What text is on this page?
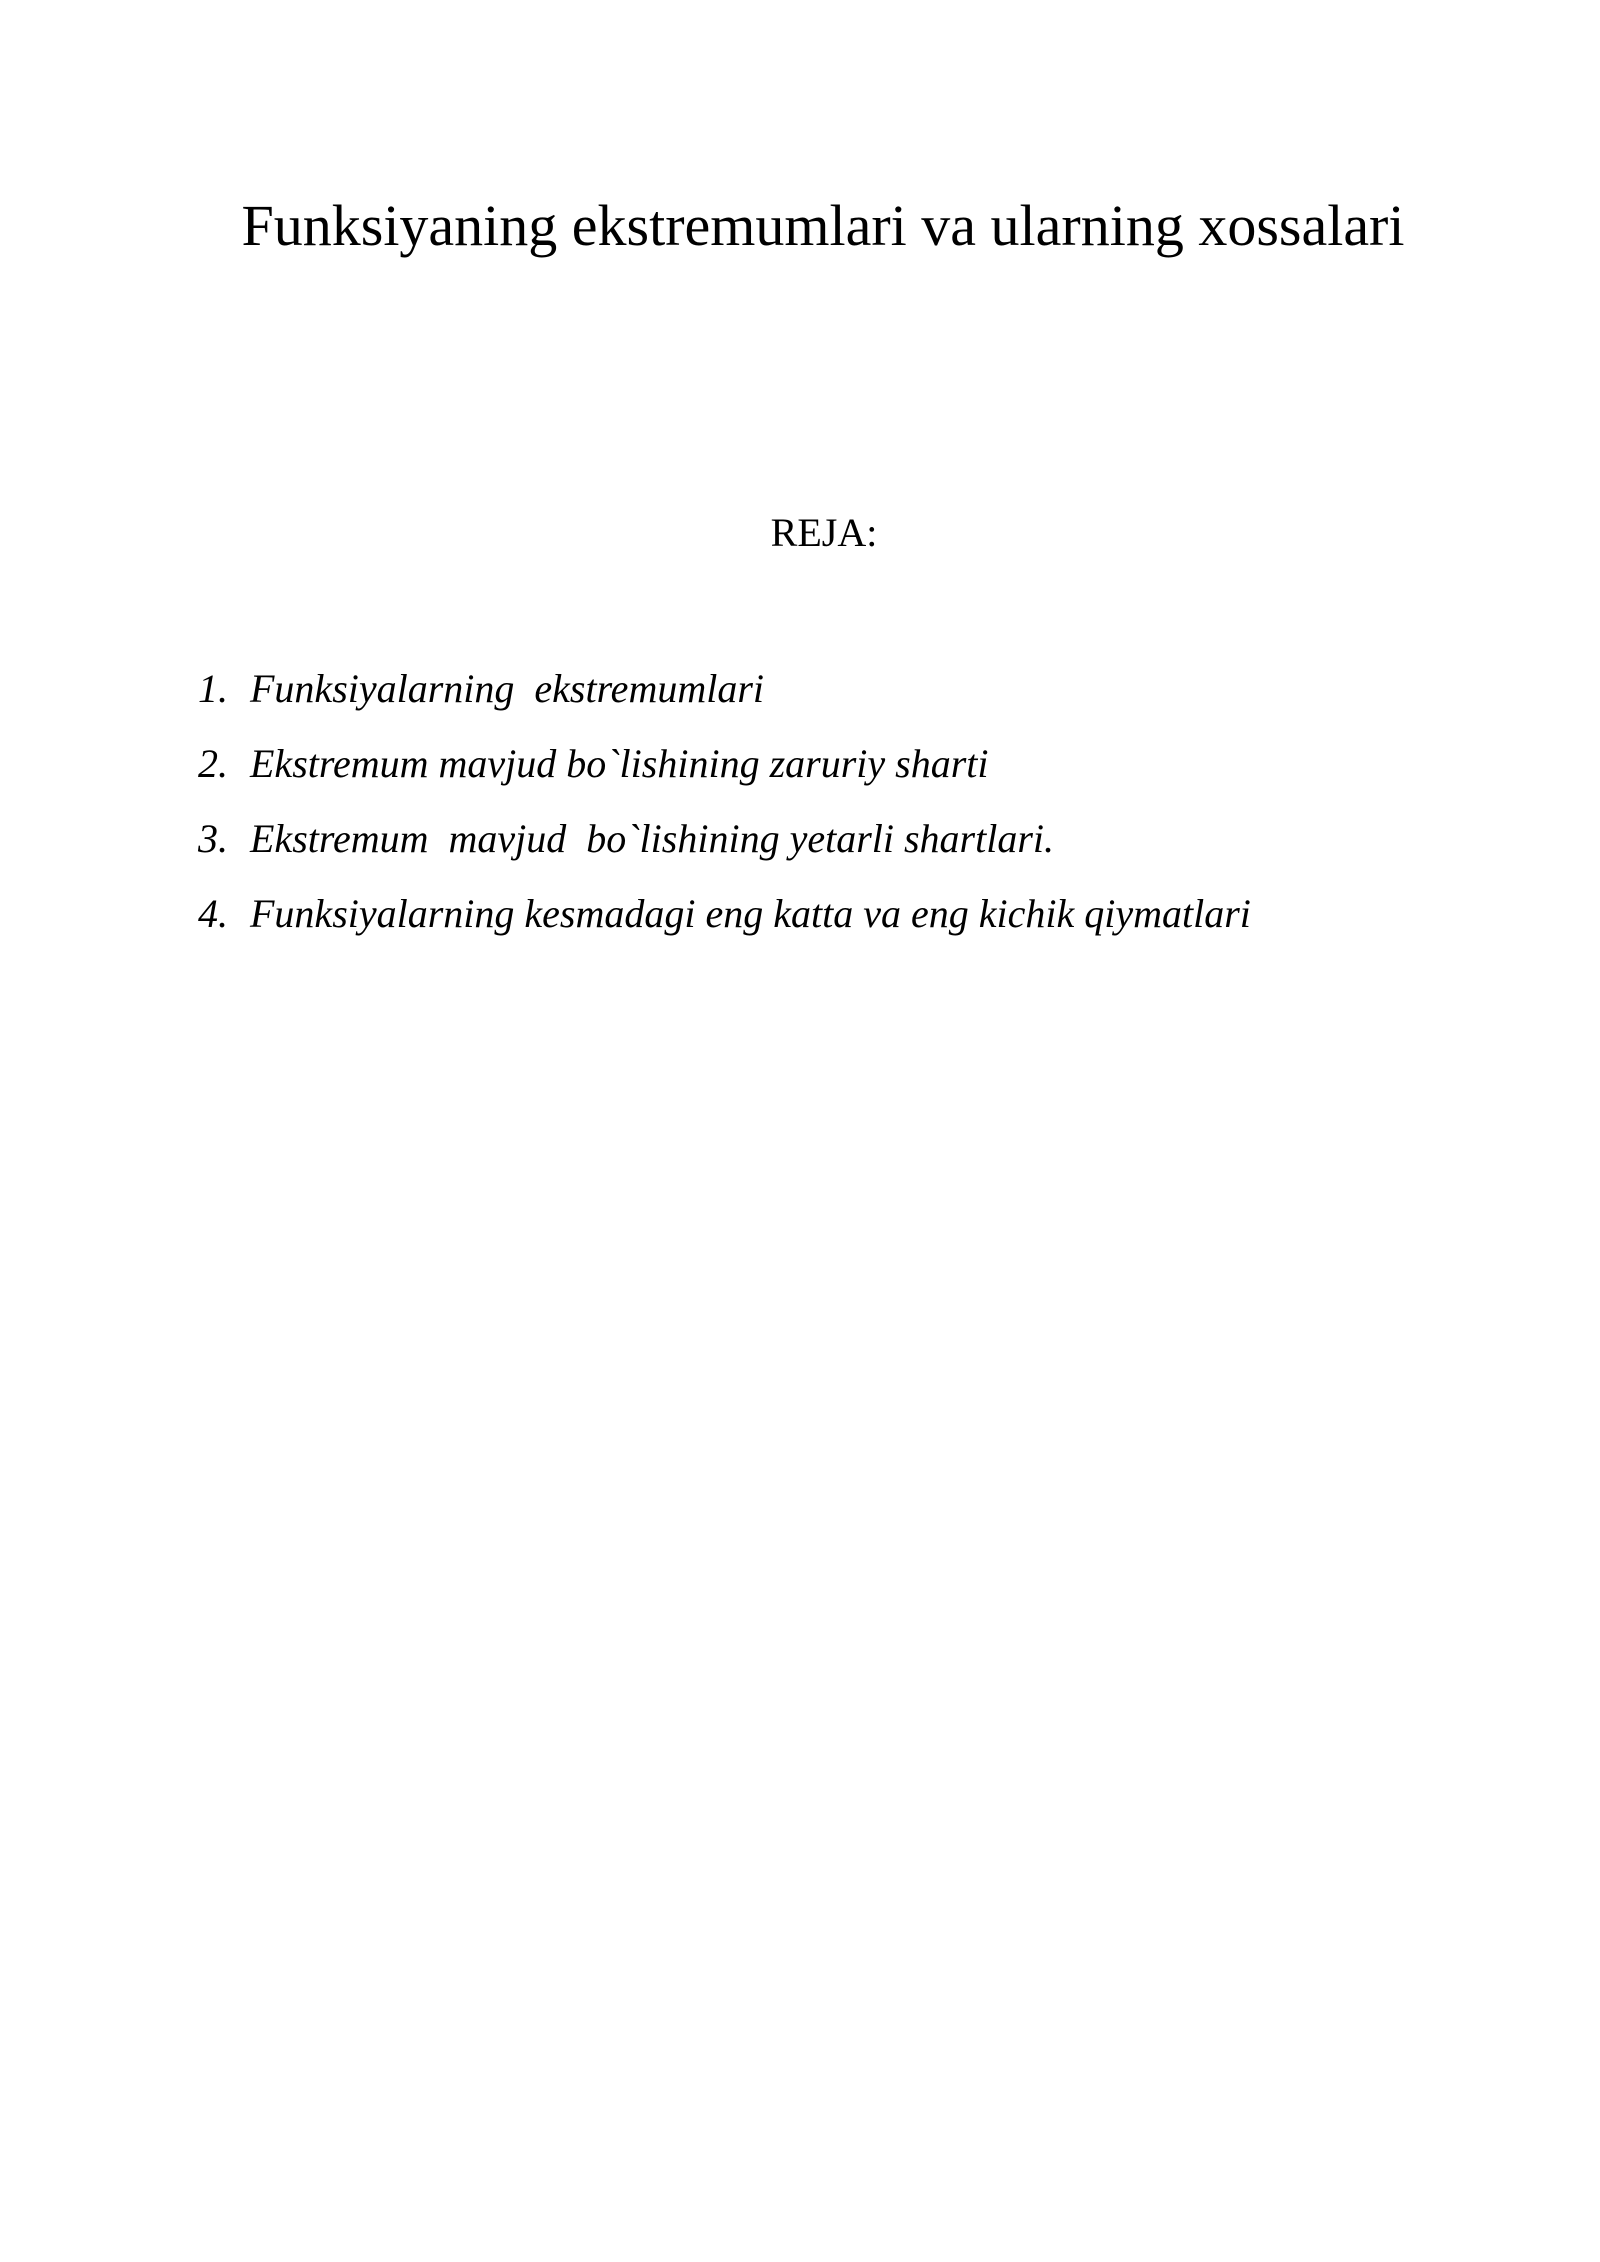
Funksiyaning ekstremumlari va ularning xossalari
REJA:
1. Funksiyalarning  ekstremumlari
2. Ekstremum mavjud bo`lishining zaruriy sharti
3. Ekstremum  mavjud  bo`lishining yetarli shartlari.
4. Funksiyalarning kesmadagi eng katta va eng kichik qiymatlari
